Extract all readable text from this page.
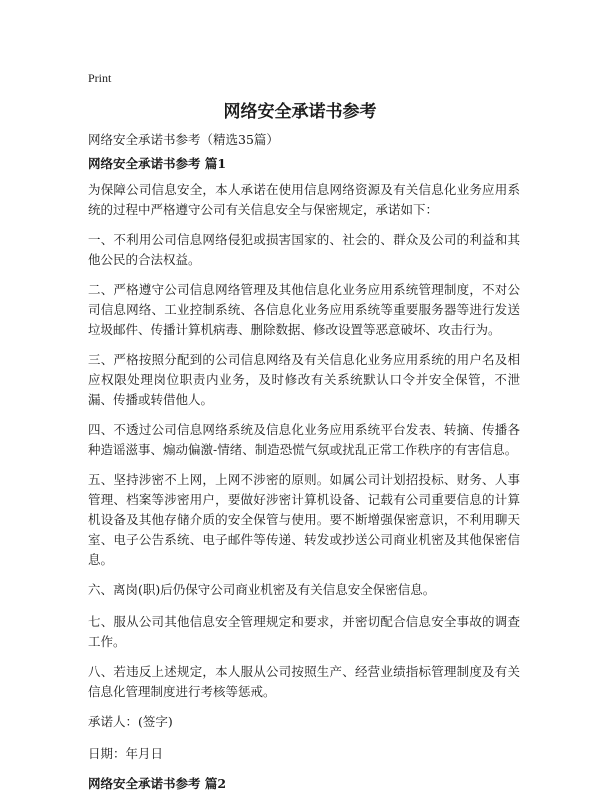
Print
网络安全承诺书参考

网络安全承诺书参考（精选35篇）

网络安全承诺书参考 篇1

为保障公司信息安全，本人承诺在使用信息网络资源及有关信息化业务应用系统的过程中严格遵守公司有关信息安全与保密规定，承诺如下：

一、不利用公司信息网络侵犯或损害国家的、社会的、群众及公司的利益和其他公民的合法权益。

二、严格遵守公司信息网络管理及其他信息化业务应用系统管理制度，不对公司信息网络、工业控制系统、各信息化业务应用系统等重要服务器等进行发送垃圾邮件、传播计算机病毒、删除数据、修改设置等恶意破坏、攻击行为。

三、严格按照分配到的公司信息网络及有关信息化业务应用系统的用户名及相应权限处理岗位职责内业务，及时修改有关系统默认口令并安全保管，不泄漏、传播或转借他人。

四、不透过公司信息网络系统及信息化业务应用系统平台发表、转摘、传播各种造谣滋事、煽动偏激-情绪、制造恐慌气氛或扰乱正常工作秩序的有害信息。

五、坚持涉密不上网，上网不涉密的原则。如属公司计划招投标、财务、人事管理、档案等涉密用户，要做好涉密计算机设备、记载有公司重要信息的计算机设备及其他存储介质的安全保管与使用。要不断增强保密意识，不利用聊天室、电子公告系统、电子邮件等传递、转发或抄送公司商业机密及其他保密信息。

六、离岗(职)后仍保守公司商业机密及有关信息安全保密信息。

七、服从公司其他信息安全管理规定和要求，并密切配合信息安全事故的调查工作。

八、若违反上述规定，本人服从公司按照生产、经营业绩指标管理制度及有关信息化管理制度进行考核等惩戒。

承诺人：(签字)

日期：年月日

网络安全承诺书参考 篇2
